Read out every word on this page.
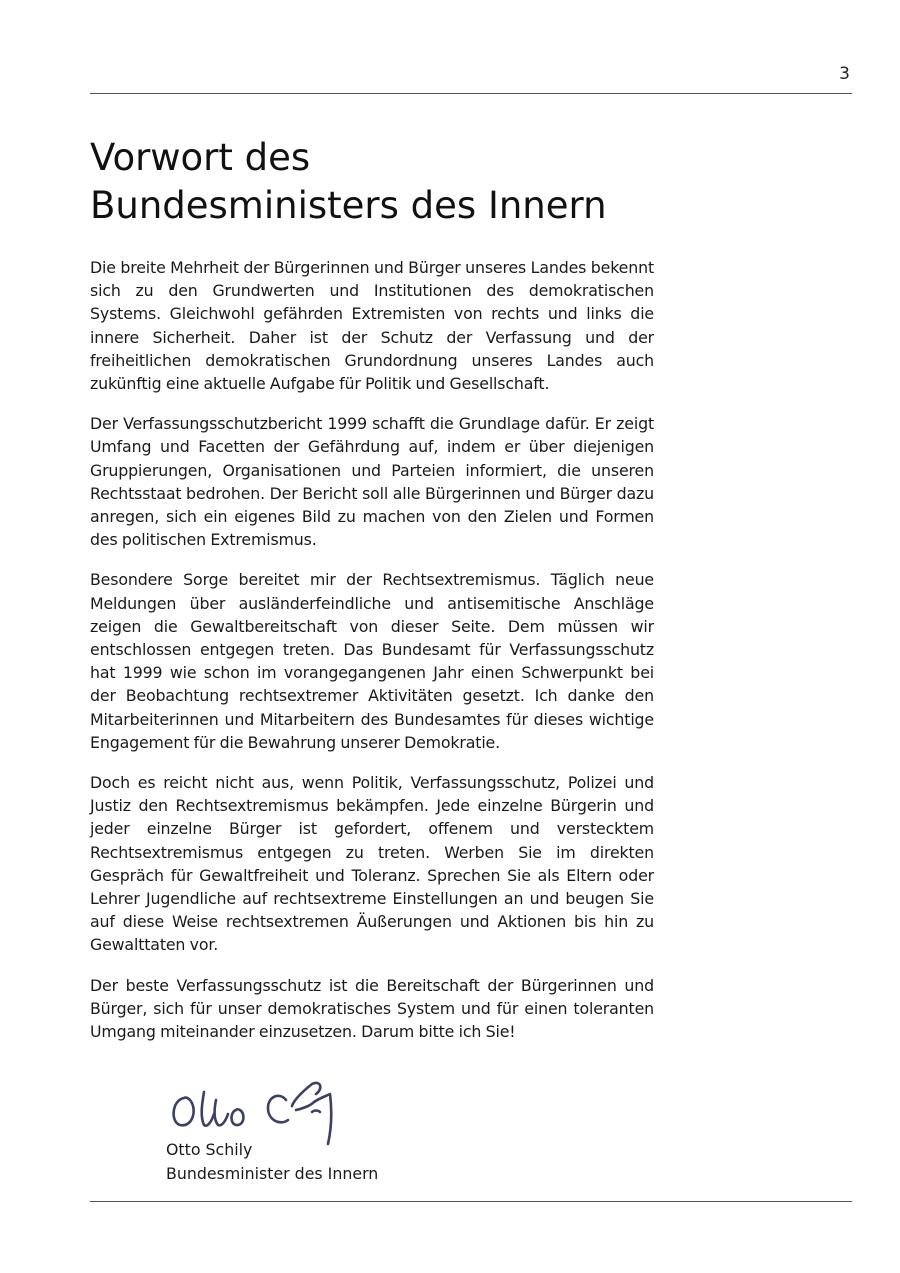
3
Vorwort des
Bundesministers des Innern

Die breite Mehrheit der Bürgerinnen und Bürger unseres Landes bekennt sich zu den Grundwerten und Institutionen des demokratischen Systems. Gleichwohl gefährden Extremisten von rechts und links die innere Sicherheit. Daher ist der Schutz der Verfassung und der freiheitlichen demokratischen Grundordnung unseres Landes auch zukünftig eine aktuelle Aufgabe für Politik und Gesellschaft.

Der Verfassungsschutzbericht 1999 schafft die Grundlage dafür. Er zeigt Umfang und Facetten der Gefährdung auf, indem er über diejenigen Gruppierungen, Organisationen und Parteien informiert, die unseren Rechtsstaat bedrohen. Der Bericht soll alle Bürgerinnen und Bürger dazu anregen, sich ein eigenes Bild zu machen von den Zielen und Formen des politischen Extremismus.

Besondere Sorge bereitet mir der Rechtsextremismus. Täglich neue Meldungen über ausländerfeindliche und antisemitische Anschläge zeigen die Gewaltbereitschaft von dieser Seite. Dem müssen wir entschlossen entgegen treten. Das Bundesamt für Verfassungsschutz hat 1999 wie schon im vorangegangenen Jahr einen Schwerpunkt bei der Beobachtung rechtsextremer Aktivitäten gesetzt. Ich danke den Mitarbeiterinnen und Mitarbeitern des Bundesamtes für dieses wichtige Engagement für die Bewahrung unserer Demokratie.

Doch es reicht nicht aus, wenn Politik, Verfassungsschutz, Polizei und Justiz den Rechtsextremismus bekämpfen. Jede einzelne Bürgerin und jeder einzelne Bürger ist gefordert, offenem und verstecktem Rechtsextremismus entgegen zu treten. Werben Sie im direkten Gespräch für Gewaltfreiheit und Toleranz. Sprechen Sie als Eltern oder Lehrer Jugendliche auf rechtsextreme Einstellungen an und beugen Sie auf diese Weise rechtsextremen Äußerungen und Aktionen bis hin zu Gewalttaten vor.

Der beste Verfassungsschutz ist die Bereitschaft der Bürgerinnen und Bürger, sich für unser demokratisches System und für einen toleranten Umgang miteinander einzusetzen. Darum bitte ich Sie!

Otto Schily
Bundesminister des Innern
